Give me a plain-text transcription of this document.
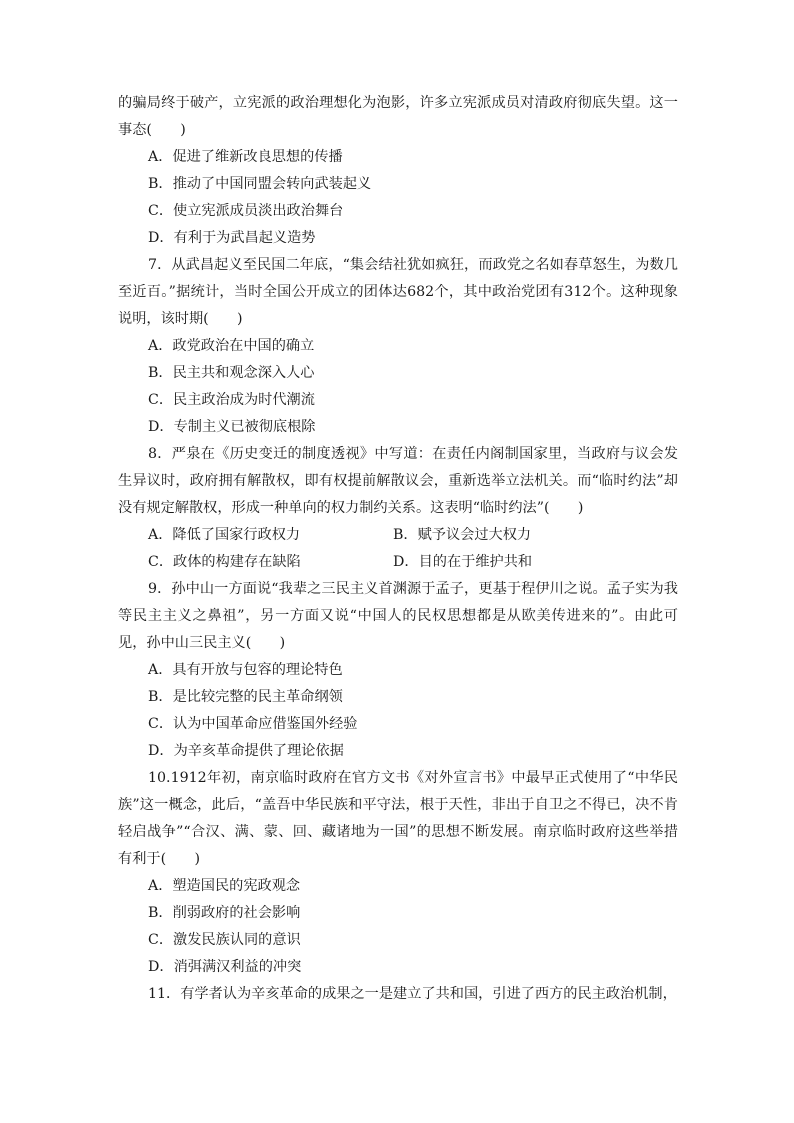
的骗局终于破产，立宪派的政治理想化为泡影，许多立宪派成员对清政府彻底失望。这一事态(　　)

A．促进了维新改良思想的传播
B．推动了中国同盟会转向武装起义
C．使立宪派成员淡出政治舞台
D．有利于为武昌起义造势

7．从武昌起义至民国二年底，“集会结社犹如疯狂，而政党之名如春草怒生，为数几至近百。”据统计，当时全国公开成立的团体达682个，其中政治党团有312个。这种现象说明，该时期(　　)

A．政党政治在中国的确立
B．民主共和观念深入人心
C．民主政治成为时代潮流
D．专制主义已被彻底根除

8．严泉在《历史变迁的制度透视》中写道：在责任内阁制国家里，当政府与议会发生异议时，政府拥有解散权，即有权提前解散议会，重新选举立法机关。而“临时约法”却没有规定解散权，形成一种单向的权力制约关系。这表明“临时约法”(　　)

A．降低了国家行政权力	B．赋予议会过大权力
C．政体的构建存在缺陷	D．目的在于维护共和

9．孙中山一方面说“我辈之三民主义首渊源于孟子，更基于程伊川之说。孟子实为我等民主主义之鼻祖”，另一方面又说“中国人的民权思想都是从欧美传进来的”。由此可见，孙中山三民主义(　　)

A．具有开放与包容的理论特色
B．是比较完整的民主革命纲领
C．认为中国革命应借鉴国外经验
D．为辛亥革命提供了理论依据

10.1912年初，南京临时政府在官方文书《对外宣言书》中最早正式使用了“中华民族”这一概念，此后，“盖吾中华民族和平守法，根于天性，非出于自卫之不得已，决不肯轻启战争”“合汉、满、蒙、回、藏诸地为一国”的思想不断发展。南京临时政府这些举措有利于(　　)

A．塑造国民的宪政观念
B．削弱政府的社会影响
C．激发民族认同的意识
D．消弭满汉利益的冲突

11．有学者认为辛亥革命的成果之一是建立了共和国，引进了西方的民主政治机制，
